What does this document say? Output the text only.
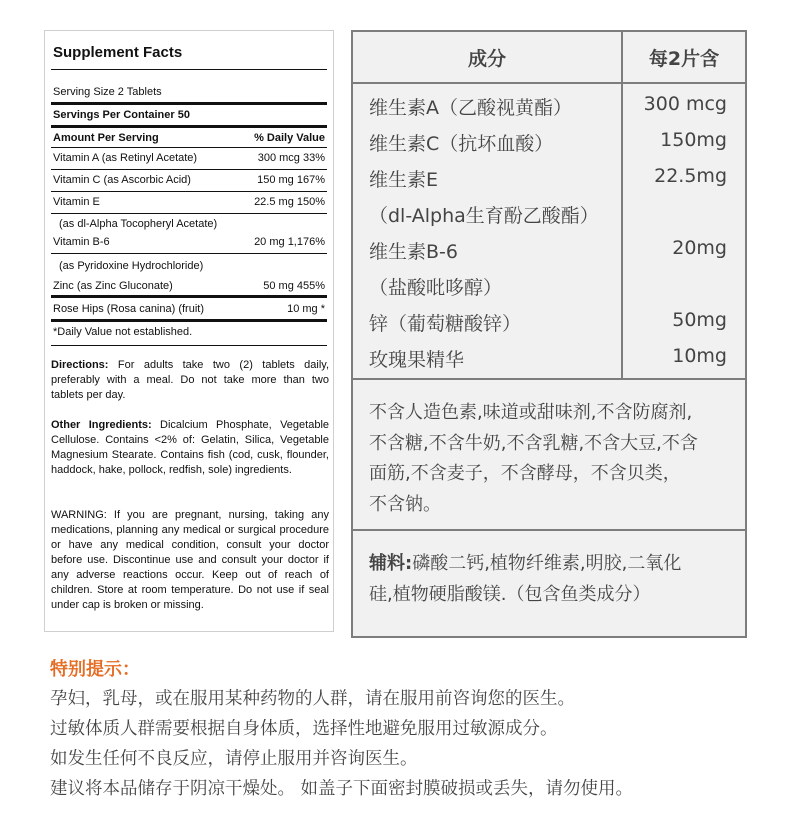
Supplement Facts
Serving Size 2 Tablets
Servings Per Container 50
Amount Per Serving	% Daily Value
Vitamin A (as Retinyl Acetate)	300 mcg 33%
Vitamin C (as Ascorbic Acid)	150 mg 167%
Vitamin E	22.5 mg 150%
(as dl-Alpha Tocopheryl Acetate)
Vitamin B-6	20 mg 1,176%
(as Pyridoxine Hydrochloride)
Zinc (as Zinc Gluconate)	50 mg 455%
Rose Hips (Rosa canina) (fruit)	10 mg *
*Daily Value not established.
Directions: For adults take two (2) tablets daily, preferably with a meal. Do not take more than two tablets per day.
Other Ingredients: Dicalcium Phosphate, Vegetable Cellulose. Contains <2% of: Gelatin, Silica, Vegetable Magnesium Stearate. Contains fish (cod, cusk, flounder, haddock, hake, pollock, redfish, sole) ingredients.
WARNING: If you are pregnant, nursing, taking any medications, planning any medical or surgical procedure or have any medical condition, consult your doctor before use. Discontinue use and consult your doctor if any adverse reactions occur. Keep out of reach of children. Store at room temperature. Do not use if seal under cap is broken or missing.
成分	每2片含
维生素A（乙酸视黄酯）	300 mcg
维生素C（抗坏血酸）	150mg
维生素E	22.5mg
（dl-Alpha生育酚乙酸酯）
维生素B-6	20mg
（盐酸吡哆醇）
锌（葡萄糖酸锌）	50mg
玫瑰果精华	10mg
不含人造色素,味道或甜味剂,不含防腐剂,
不含糖,不含牛奶,不含乳糖,不含大豆,不含
面筋,不含麦子，不含酵母，不含贝类，
不含钠。
辅料:磷酸二钙,植物纤维素,明胶,二氧化
硅,植物硬脂酸镁.（包含鱼类成分）
特别提示：
孕妇，乳母，或在服用某种药物的人群，请在服用前咨询您的医生。
过敏体质人群需要根据自身体质，选择性地避免服用过敏源成分。
如发生任何不良反应，请停止服用并咨询医生。
建议将本品储存于阴凉干燥处。 如盖子下面密封膜破损或丢失，请勿使用。
